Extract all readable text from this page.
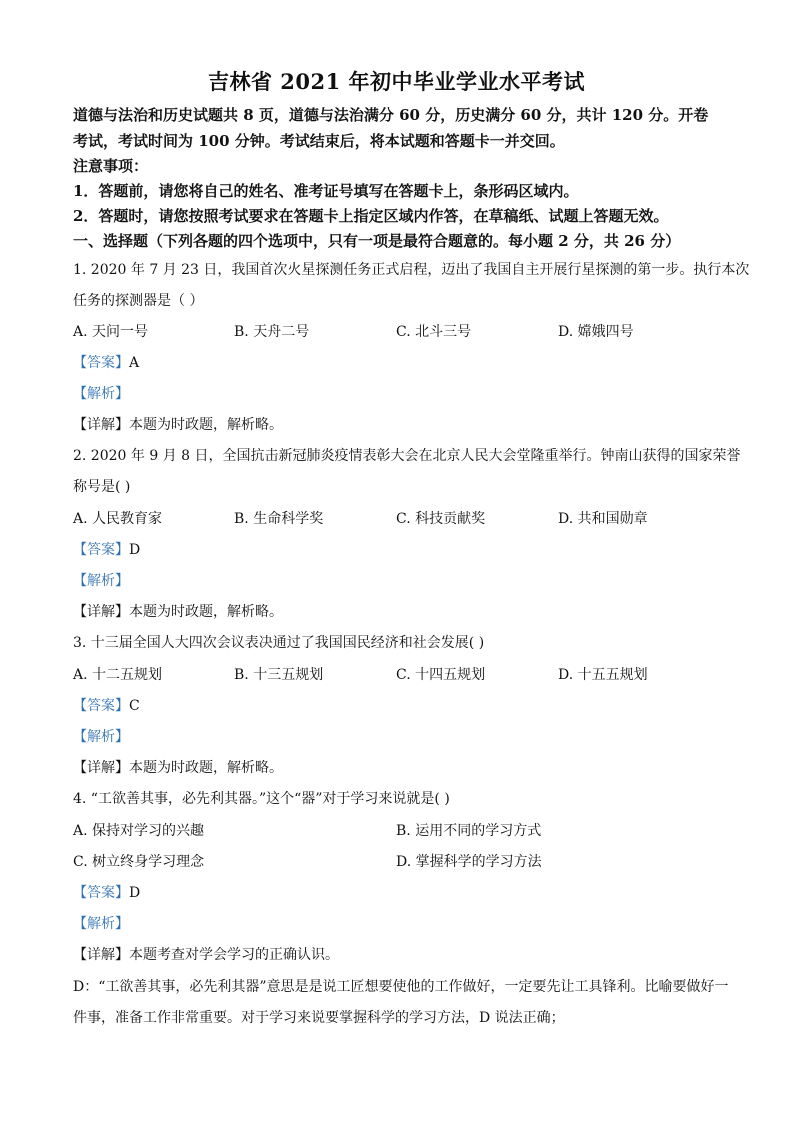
吉林省 2021 年初中毕业学业水平考试
道德与法治和历史试题共 8 页，道德与法治满分 60 分，历史满分 60 分，共计 120 分。开卷
考试，考试时间为 100 分钟。考试结束后，将本试题和答题卡一并交回。
注意事项：
1．答题前，请您将自己的姓名、准考证号填写在答题卡上，条形码区域内。
2．答题时，请您按照考试要求在答题卡上指定区域内作答，在草稿纸、试题上答题无效。
一、选择题（下列各题的四个选项中，只有一项是最符合题意的。每小题 2 分，共 26 分）
1. 2020 年 7 月 23 日，我国首次火星探测任务正式启程，迈出了我国自主开展行星探测的第一步。执行本次
任务的探测器是（ ）
A. 天问一号	B. 天舟二号	C. 北斗三号	D. 嫦娥四号
【答案】A
【解析】
【详解】本题为时政题，解析略。
2. 2020 年 9 月 8 日，全国抗击新冠肺炎疫情表彰大会在北京人民大会堂隆重举行。钟南山获得的国家荣誉
称号是( )
A. 人民教育家	B. 生命科学奖	C. 科技贡献奖	D. 共和国勋章
【答案】D
【解析】
【详解】本题为时政题，解析略。
3. 十三届全国人大四次会议表决通过了我国国民经济和社会发展( )
A. 十二五规划	B. 十三五规划	C. 十四五规划	D. 十五五规划
【答案】C
【解析】
【详解】本题为时政题，解析略。
4. “工欲善其事，必先利其器。”这个“器”对于学习来说就是( )
A. 保持对学习的兴趣	B. 运用不同的学习方式
C. 树立终身学习理念	D. 掌握科学的学习方法
【答案】D
【解析】
【详解】本题考查对学会学习的正确认识。
D：“工欲善其事，必先利其器”意思是是说工匠想要使他的工作做好，一定要先让工具锋利。比喻要做好一
件事，准备工作非常重要。对于学习来说要掌握科学的学习方法，D 说法正确；
